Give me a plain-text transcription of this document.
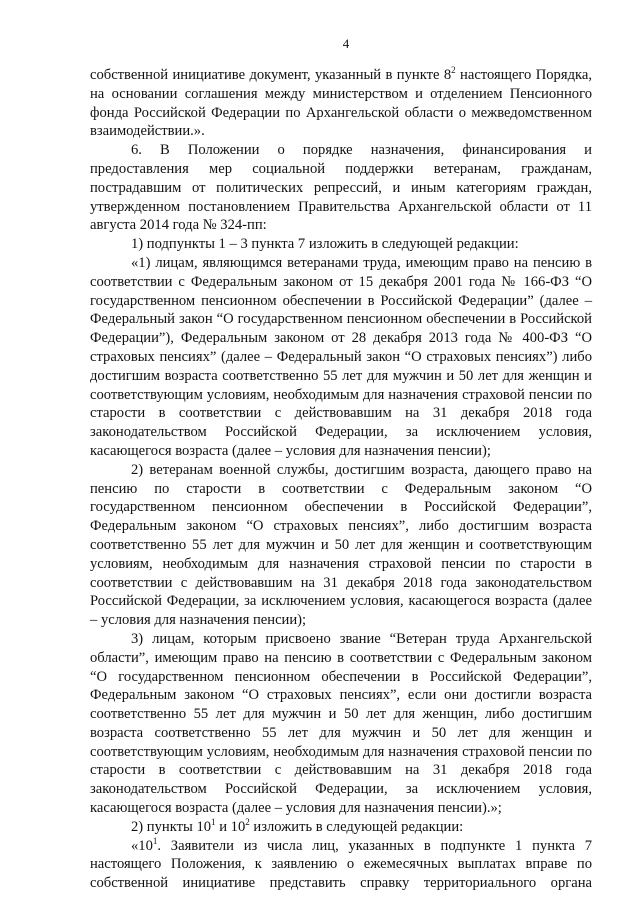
4

собственной инициативе документ, указанный в пункте $8^2$ настоящего Порядка, на основании соглашения между министерством и отделением Пенсионного фонда Российской Федерации по Архангельской области о межведомственном взаимодействии.».

6. В Положении о порядке назначения, финансирования и предоставления мер социальной поддержки ветеранам, гражданам, пострадавшим от политических репрессий, и иным категориям граждан, утвержденном постановлением Правительства Архангельской области от 11 августа 2014 года № 324-пп:

1) подпункты 1 – 3 пункта 7 изложить в следующей редакции:

«1) лицам, являющимся ветеранами труда, имеющим право на пенсию в соответствии с Федеральным законом от 15 декабря 2001 года № 166-ФЗ “О государственном пенсионном обеспечении в Российской Федерации” (далее – Федеральный закон “О государственном пенсионном обеспечении в Российской Федерации”), Федеральным законом от 28 декабря 2013 года № 400-ФЗ “О страховых пенсиях” (далее – Федеральный закон “О страховых пенсиях”) либо достигшим возраста соответственно 55 лет для мужчин и 50 лет для женщин и соответствующим условиям, необходимым для назначения страховой пенсии по старости в соответствии с действовавшим на 31 декабря 2018 года законодательством Российской Федерации, за исключением условия, касающегося возраста (далее – условия для назначения пенсии);

2) ветеранам военной службы, достигшим возраста, дающего право на пенсию по старости в соответствии с Федеральным законом “О государственном пенсионном обеспечении в Российской Федерации”, Федеральным законом “О страховых пенсиях”, либо достигшим возраста соответственно 55 лет для мужчин и 50 лет для женщин и соответствующим условиям, необходимым для назначения страховой пенсии по старости в соответствии с действовавшим на 31 декабря 2018 года законодательством Российской Федерации, за исключением условия, касающегося возраста (далее – условия для назначения пенсии);

3) лицам, которым присвоено звание “Ветеран труда Архангельской области”, имеющим право на пенсию в соответствии с Федеральным законом “О государственном пенсионном обеспечении в Российской Федерации”, Федеральным законом “О страховых пенсиях”, если они достигли возраста соответственно 55 лет для мужчин и 50 лет для женщин, либо достигшим возраста соответственно 55 лет для мужчин и 50 лет для женщин и соответствующим условиям, необходимым для назначения страховой пенсии по старости в соответствии с действовавшим на 31 декабря 2018 года законодательством Российской Федерации, за исключением условия, касающегося возраста (далее – условия для назначения пенсии).»;

2) пункты $10^1$ и $10^2$ изложить в следующей редакции:

«$10^1$. Заявители из числа лиц, указанных в подпункте 1 пункта 7 настоящего Положения, к заявлению о ежемесячных выплатах вправе по собственной инициативе представить справку территориального органа
